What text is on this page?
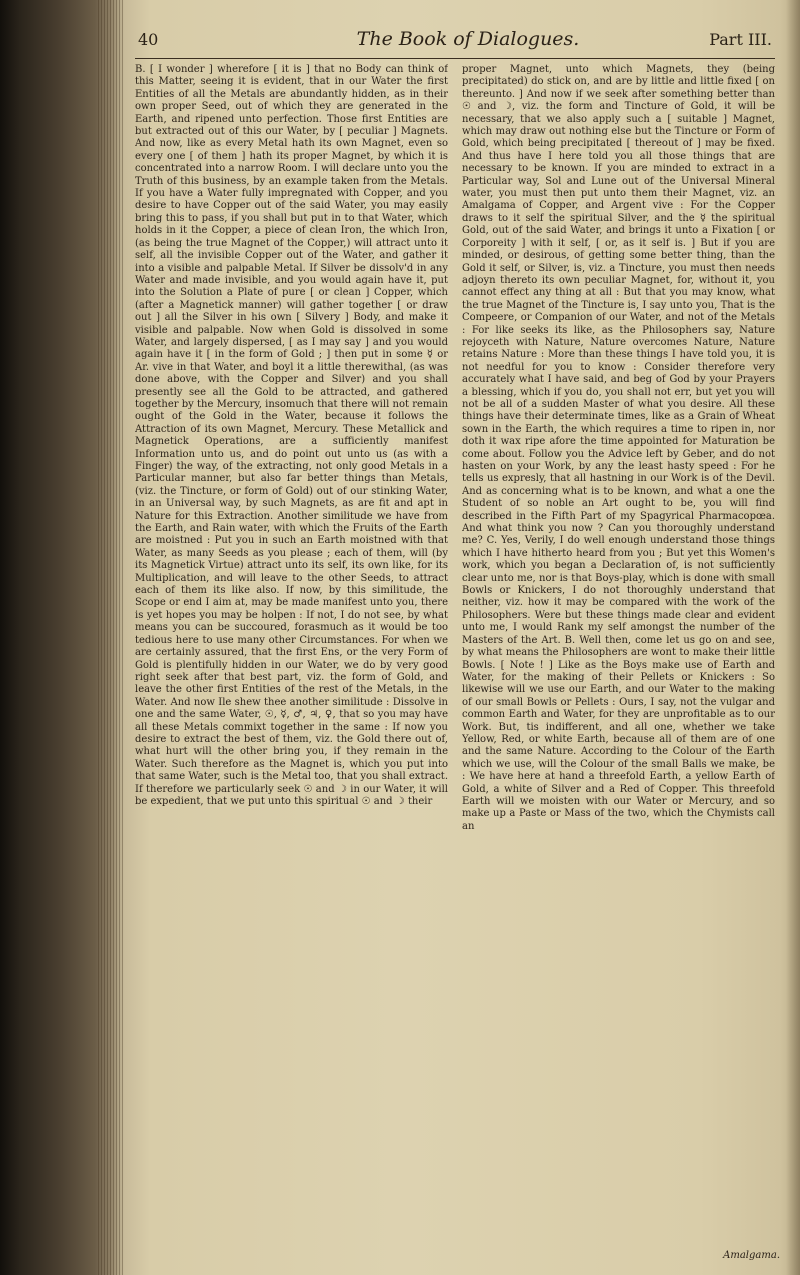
40	The Book of Dialogues.	Part III.

B. [ I wonder ] wherefore [ it is ] that no Body can think of this Matter, seeing it is evident, that in our Water the first Entities of all the Metals are abundantly hidden, as in their own proper Seed, out of which they are generated in the Earth, and ripened unto perfection. Those first Entities are but extracted out of this our Water, by [ peculiar ] Magnets. And now, like as every Metal hath its own Magnet, even so every one [ of them ] hath its proper Magnet, by which it is concentrated into a narrow Room. I will declare unto you the Truth of this business, by an example taken from the Metals. If you have a Water fully impregnated with Copper, and you desire to have Copper out of the said Water, you may easily bring this to pass, if you shall but put in to that Water, which holds in it the Copper, a piece of clean Iron, the which Iron, (as being the true Magnet of the Copper,) will attract unto it self, all the invisible Copper out of the Water, and gather it into a visible and palpable Metal. If Silver be dissolv'd in any Water and made invisible, and you would again have it, put into the Solution a Plate of pure [ or clean ] Copper, which (after a Magnetick manner) will gather together [ or draw out ] all the Silver in his own [ Silvery ] Body, and make it visible and palpable. Now when Gold is dissolved in some Water, and largely dispersed, [ as I may say ] and you would again have it [ in the form of Gold ; ] then put in some ☿ or Ar. vive in that Water, and boyl it a little therewithal, (as was done above, with the Copper and Silver) and you shall presently see all the Gold to be attracted, and gathered together by the Mercury, insomuch that there will not remain ought of the Gold in the Water, because it follows the Attraction of its own Magnet, Mercury. These Metallick and Magnetick Operations, are a sufficiently manifest Information unto us, and do point out unto us (as with a Finger) the way, of the extracting, not only good Metals in a Particular manner, but also far better things than Metals, (viz. the Tincture, or form of Gold) out of our stinking Water, in an Universal way, by such Magnets, as are fit and apt in Nature for this Extraction. Another similitude we have from the Earth, and Rain water, with which the Fruits of the Earth are moistned : Put you in such an Earth moistned with that Water, as many Seeds as you please ; each of them, will (by its Magnetick Virtue) attract unto its self, its own like, for its Multiplication, and will leave to the other Seeds, to attract each of them its like also. If now, by this similitude, the Scope or end I aim at, may be made manifest unto you, there is yet hopes you may be holpen : If not, I do not see, by what means you can be succoured, forasmuch as it would be too tedious here to use many other Circumstances. For when we are certainly assured, that the first Ens, or the very Form of Gold is plentifully hidden in our Water, we do by very good right seek after that best part, viz. the form of Gold, and leave the other first Entities of the rest of the Metals, in the Water. And now Ile shew thee another similitude : Dissolve in one and the same Water, ☉, ☿, ♂, ♃, ♀, that so you may have all these Metals commixt together in the same : If now you desire to extract the best of them, viz. the Gold there out of, what hurt will the other bring you, if they remain in the Water. Such therefore as the Magnet is, which you put into that same Water, such is the Metal too, that you shall extract. If therefore we particularly seek ☉ and ☽ in our Water, it will be expedient, that we put unto this spiritual ☉ and ☽ their

proper Magnet, unto which Magnets, they (being precipitated) do stick on, and are by little and little fixed [ on thereunto. ] And now if we seek after something better than ☉ and ☽, viz. the form and Tincture of Gold, it will be necessary, that we also apply such a [ suitable ] Magnet, which may draw out nothing else but the Tincture or Form of Gold, which being precipitated [ thereout of ] may be fixed. And thus have I here told you all those things that are necessary to be known. If you are minded to extract in a Particular way, Sol and Lune out of the Universal Mineral water, you must then put unto them their Magnet, viz. an Amalgama of Copper, and Argent vive : For the Copper draws to it self the spiritual Silver, and the ☿ the spiritual Gold, out of the said Water, and brings it unto a Fixation [ or Corporeity ] with it self, [ or, as it self is. ] But if you are minded, or desirous, of getting some better thing, than the Gold it self, or Silver, is, viz. a Tincture, you must then needs adjoyn thereto its own peculiar Magnet, for, without it, you cannot effect any thing at all : But that you may know, what the true Magnet of the Tincture is, I say unto you, That is the Compeere, or Companion of our Water, and not of the Metals : For like seeks its like, as the Philosophers say, Nature rejoyceth with Nature, Nature overcomes Nature, Nature retains Nature : More than these things I have told you, it is not needful for you to know : Consider therefore very accurately what I have said, and beg of God by your Prayers a blessing, which if you do, you shall not err, but yet you will not be all of a sudden Master of what you desire. All these things have their determinate times, like as a Grain of Wheat sown in the Earth, the which requires a time to ripen in, nor doth it wax ripe afore the time appointed for Maturation be come about. Follow you the Advice left by Geber, and do not hasten on your Work, by any the least hasty speed : For he tells us expresly, that all hastning in our Work is of the Devil. And as concerning what is to be known, and what a one the Student of so noble an Art ought to be, you will find described in the Fifth Part of my Spagyrical Pharmacopœa. And what think you now ? Can you thoroughly understand me? C. Yes, Verily, I do well enough understand those things which I have hitherto heard from you ; But yet this Women's work, which you began a Declaration of, is not sufficiently clear unto me, nor is that Boys-play, which is done with small Bowls or Knickers, I do not thoroughly understand that neither, viz. how it may be compared with the work of the Philosophers. Were but these things made clear and evident unto me, I would Rank my self amongst the number of the Masters of the Art. B. Well then, come let us go on and see, by what means the Philosophers are wont to make their little Bowls. [ Note ! ] Like as the Boys make use of Earth and Water, for the making of their Pellets or Knickers : So likewise will we use our Earth, and our Water to the making of our small Bowls or Pellets : Ours, I say, not the vulgar and common Earth and Water, for they are unprofitable as to our Work. But, tis indifferent, and all one, whether we take Yellow, Red, or white Earth, because all of them are of one and the same Nature. According to the Colour of the Earth which we use, will the Colour of the small Balls we make, be : We have here at hand a threefold Earth, a yellow Earth of Gold, a white of Silver and a Red of Copper. This threefold Earth will we moisten with our Water or Mercury, and so make up a Paste or Mass of the two, which the Chymists call an

Amalgama.
